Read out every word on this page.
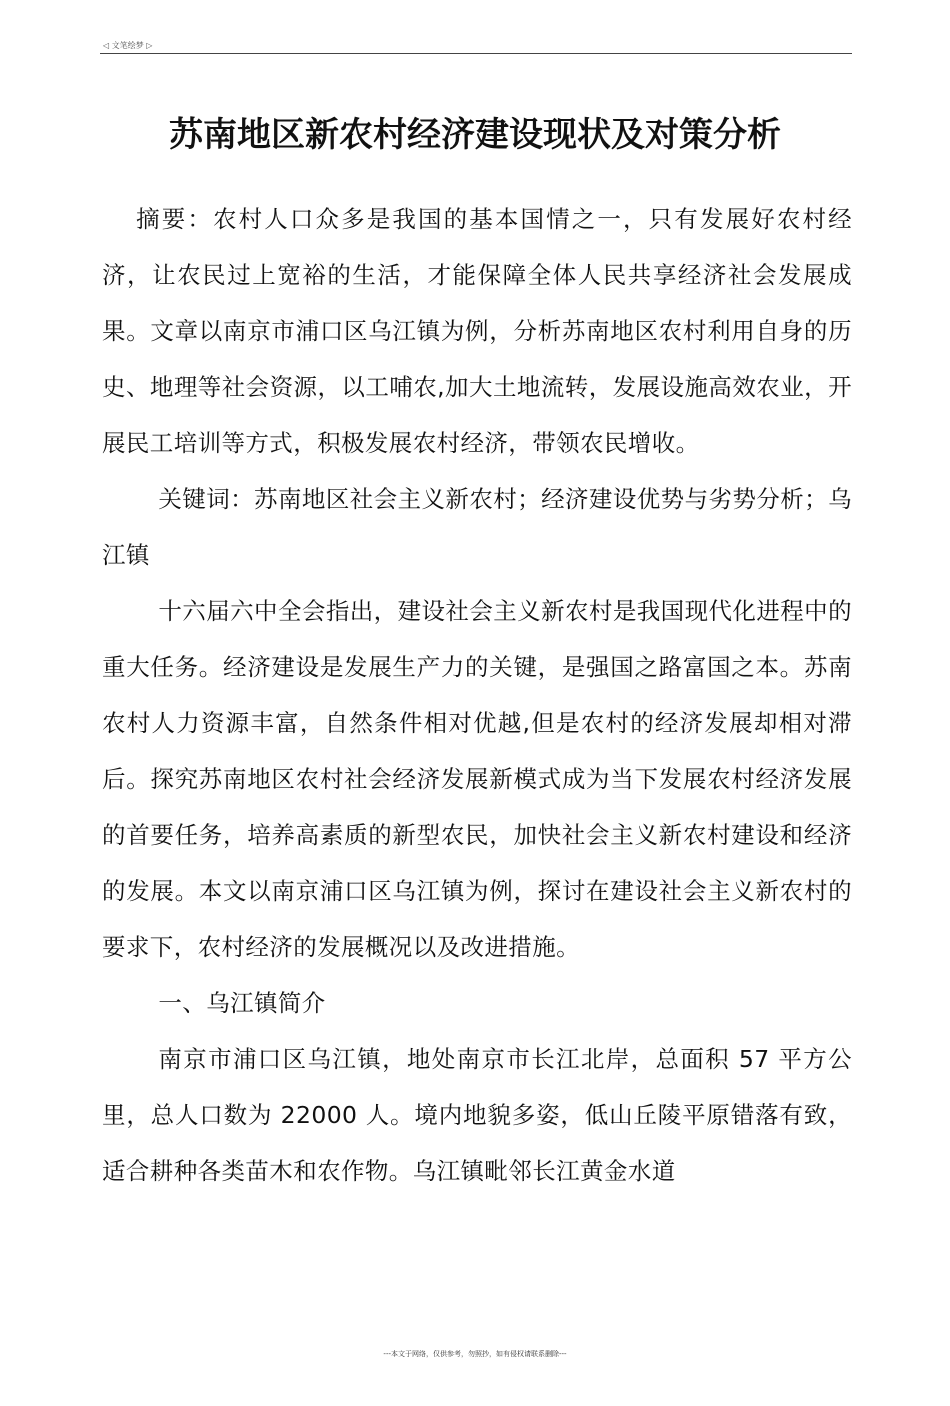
◁ 文笔绘梦 ▷
苏南地区新农村经济建设现状及对策分析

摘要：农村人口众多是我国的基本国情之一，只有发展好农村经济，让农民过上宽裕的生活，才能保障全体人民共享经济社会发展成果。文章以南京市浦口区乌江镇为例，分析苏南地区农村利用自身的历史、地理等社会资源，以工哺农,加大土地流转，发展设施高效农业，开展民工培训等方式，积极发展农村经济，带领农民增收。

关键词：苏南地区社会主义新农村；经济建设优势与劣势分析；乌江镇

十六届六中全会指出，建设社会主义新农村是我国现代化进程中的重大任务。经济建设是发展生产力的关键，是强国之路富国之本。苏南农村人力资源丰富，自然条件相对优越,但是农村的经济发展却相对滞后。探究苏南地区农村社会经济发展新模式成为当下发展农村经济发展的首要任务，培养高素质的新型农民，加快社会主义新农村建设和经济的发展。本文以南京浦口区乌江镇为例，探讨在建设社会主义新农村的要求下，农村经济的发展概况以及改进措施。

一、乌江镇简介

南京市浦口区乌江镇，地处南京市长江北岸，总面积 57 平方公里，总人口数为 22000 人。境内地貌多姿，低山丘陵平原错落有致，适合耕种各类苗木和农作物。乌江镇毗邻长江黄金水道

---本文于网络，仅供参考，勿照抄，如有侵权请联系删除---
